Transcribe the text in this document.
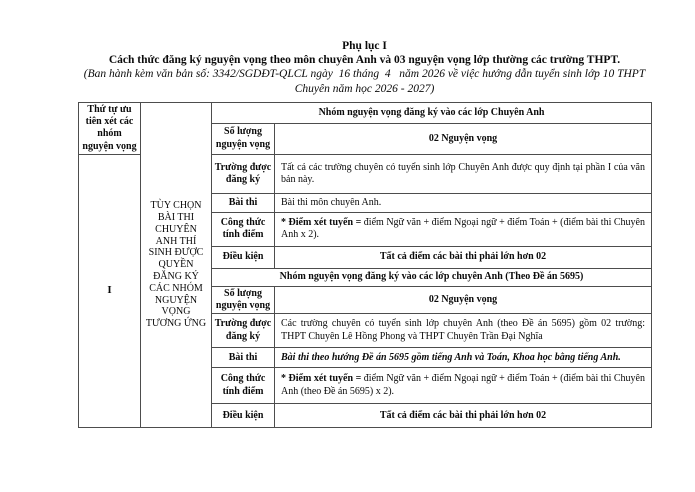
Phụ lục I
Cách thức đăng ký nguyện vọng theo môn chuyên Anh và 03 nguyện vọng lớp thường các trường THPT.
(Ban hành kèm văn bản số: 3342/SGDĐT-QLCL ngày  16 tháng  4   năm 2026 về việc hướng dẫn tuyển sinh lớp 10 THPT
Chuyên năm học 2026 - 2027)
Thứ tự ưu tiên xét các nhóm nguyện vọng	TÙY CHỌN BÀI THI CHUYÊN ANH THÍ SINH ĐƯỢC QUYỀN ĐĂNG KÝ CÁC NHÓM NGUYỆN VỌNG TƯƠNG ỨNG	Nhóm nguyện vọng đăng ký vào các lớp Chuyên Anh	
		Số lượng nguyện vọng	02 Nguyện vọng
I		Trường được đăng ký	Tất cả các trường chuyên có tuyển sinh lớp Chuyên Anh được quy định tại phần I của văn bản này.
		Bài thi	Bài thi môn chuyên Anh.
		Công thức tính điểm	* Điểm xét tuyển = điểm Ngữ văn + điểm Ngoại ngữ + điểm Toán + (điểm bài thi Chuyên Anh x 2).
		Điều kiện	Tất cả điểm các bài thi phải lớn hơn 02
		Nhóm nguyện vọng đăng ký vào các lớp chuyên Anh (Theo Đề án 5695)	
		Số lượng nguyện vọng	02 Nguyện vọng
		Trường được đăng ký	Các trường chuyên có tuyển sinh lớp chuyên Anh (theo Đề án 5695) gồm 02 trường: THPT Chuyên Lê Hồng Phong và THPT Chuyên Trần Đại Nghĩa
		Bài thi	Bài thi theo hướng Đề án 5695 gồm tiếng Anh và Toán, Khoa học bằng tiếng Anh.
		Công thức tính điểm	* Điểm xét tuyển = điểm Ngữ văn + điểm Ngoại ngữ + điểm Toán + (điểm bài thi Chuyên Anh (theo Đề án 5695) x 2).
		Điều kiện	Tất cả điểm các bài thi phải lớn hơn 02
